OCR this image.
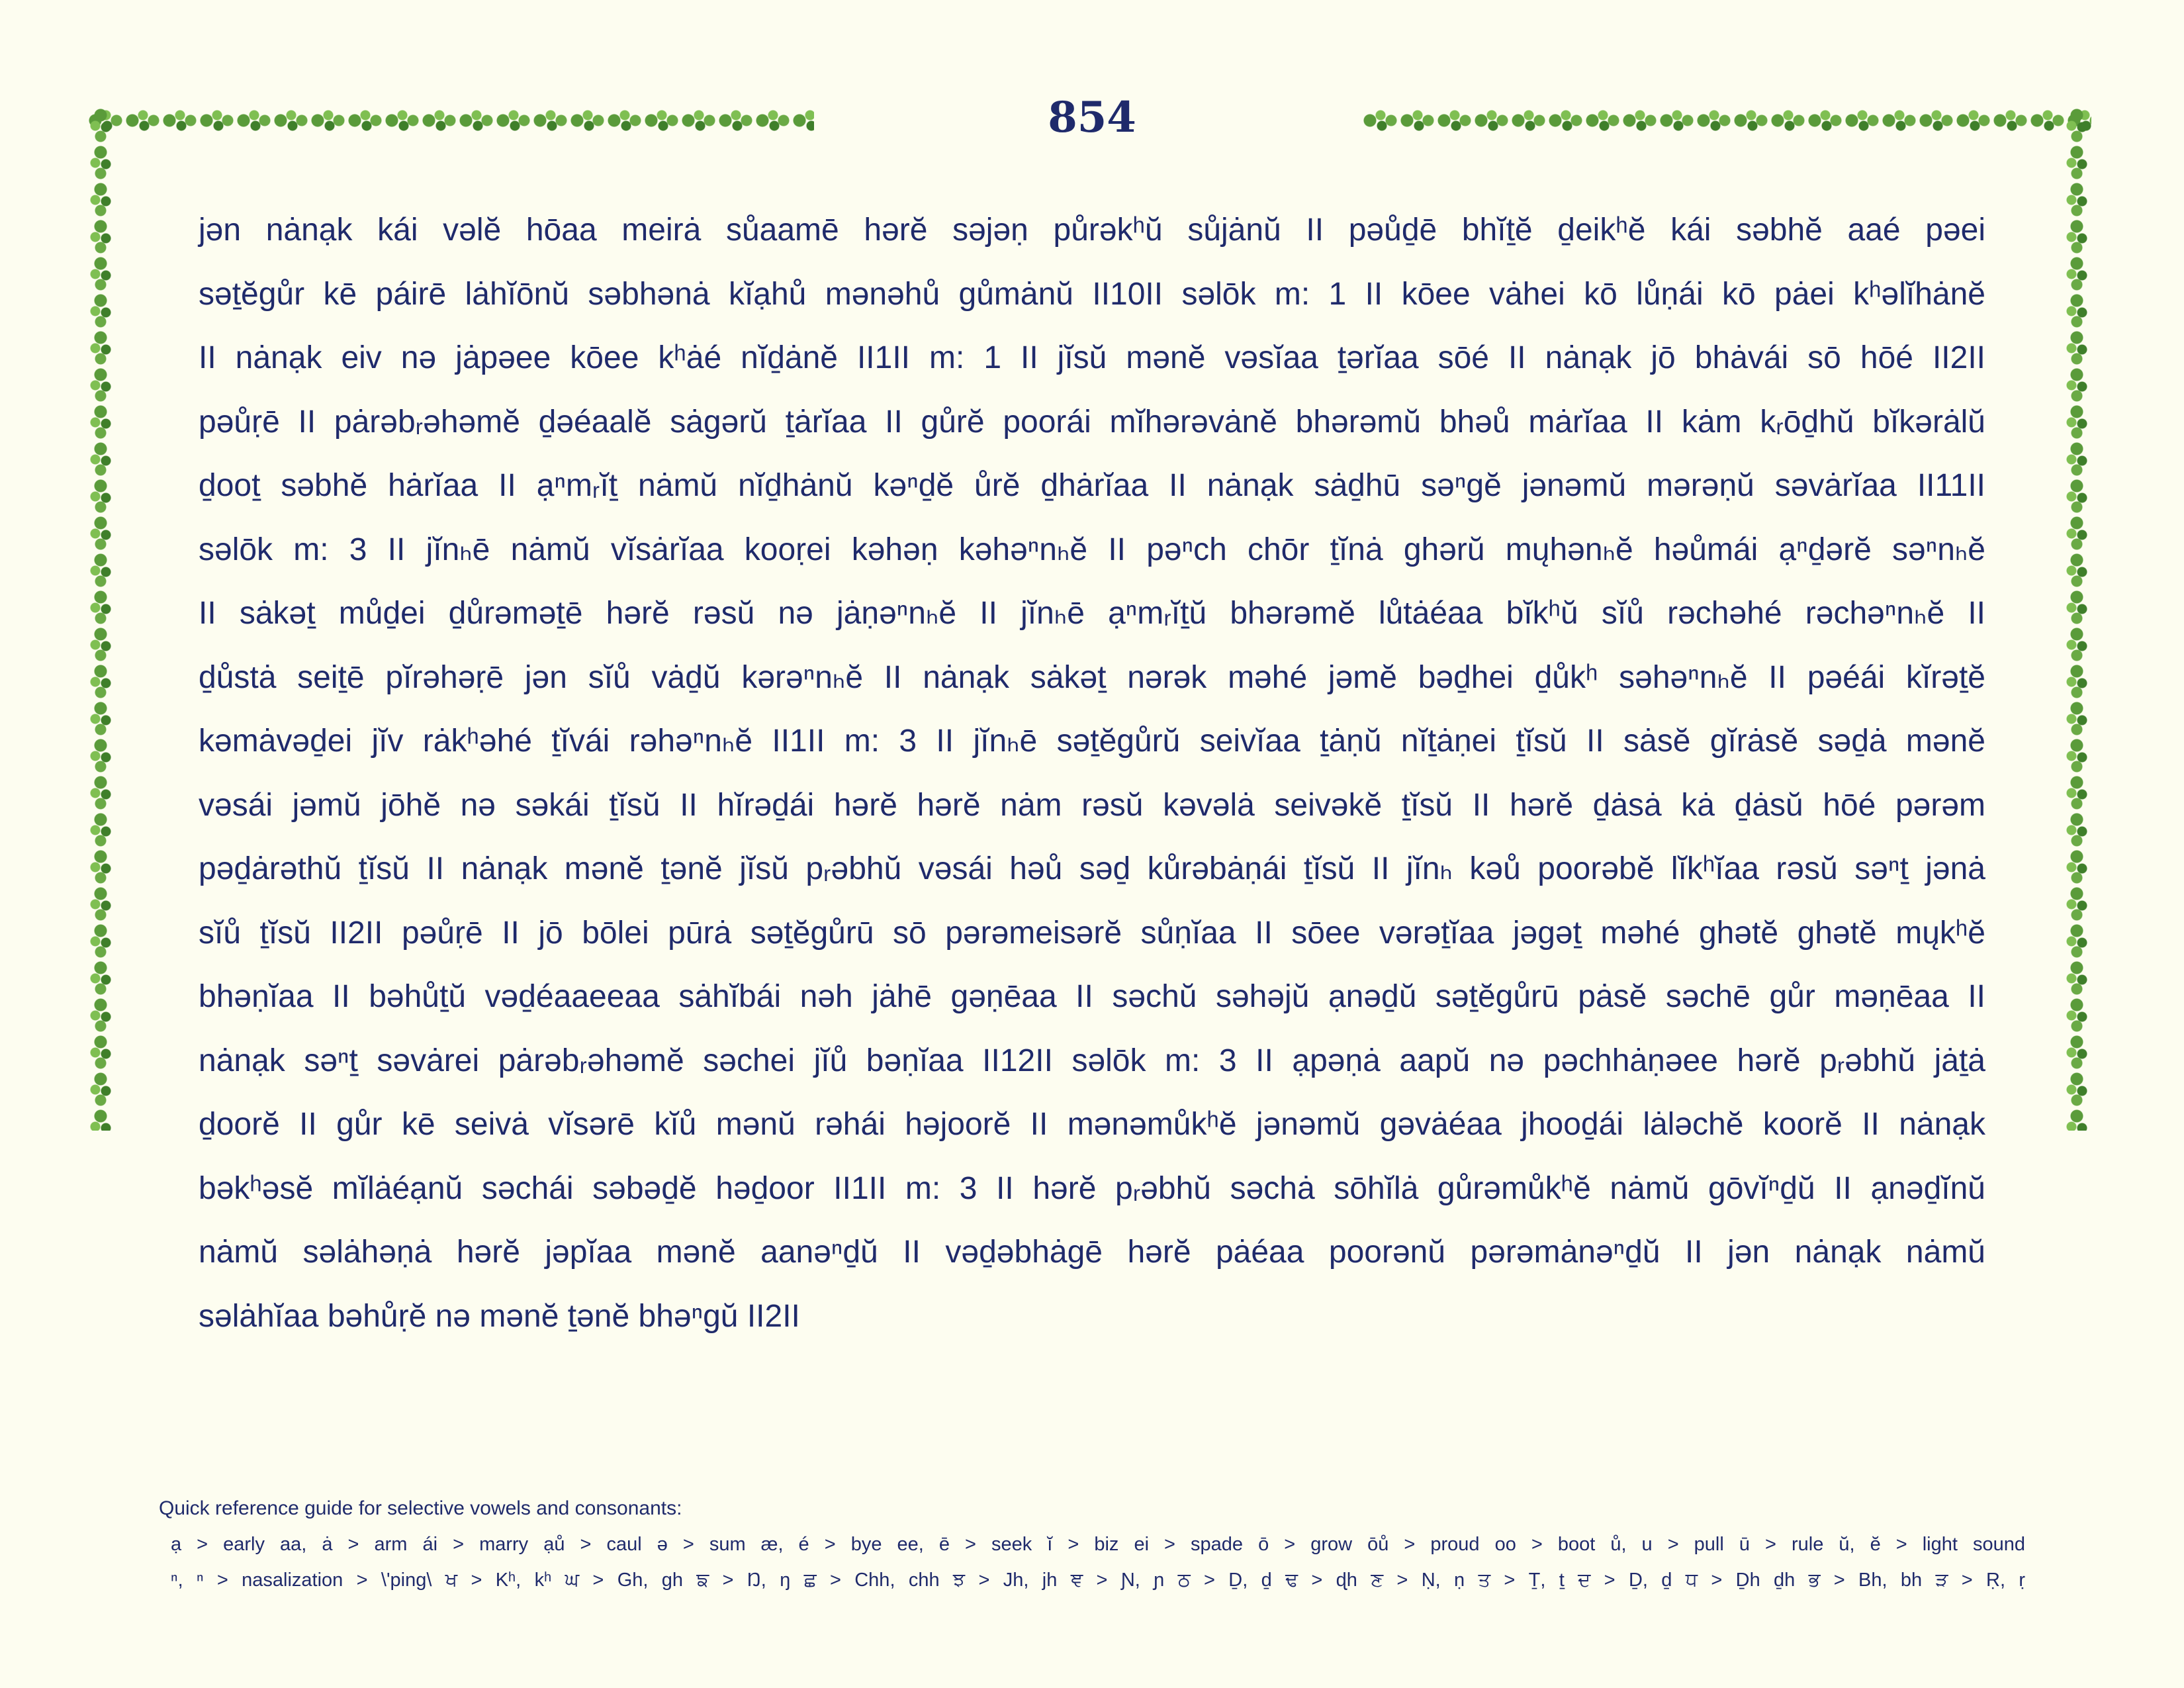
854
jən nȧnạk kái vəlĕ hōaa meirȧ sůaamē hərĕ səjəṇ půrəkʰŭ sůjȧnŭ II pəůḏē bhĭṯĕ ḏeikʰĕ kái səbhĕ aaé pəei
səṯĕgůr kē páirē lȧhĭōnŭ səbhənȧ kĭạhů mənəhů gůmȧnŭ II10II səlōk m: 1 II kōee vȧhei kō lůṇái kō pȧei kʰəlĭhȧnĕ
II nȧnạk eiv nə jȧpəee kōee kʰȧé nĭḏȧnĕ II1II m: 1 II jĭsŭ mənĕ vəsĭaa ṯərĭaa sōé II nȧnạk jō bhȧvái sō hōé II2II
pəůṛē II pȧrəbᵣəhəmĕ ḏəéaalĕ sȧgərŭ ṯȧrĭaa II gůrĕ poorái mĭhərəvȧnĕ bhərəmŭ bhəů mȧrĭaa II kȧm kᵣōḏhŭ bĭkərȧlŭ
ḏooṯ səbhĕ hȧrĭaa II ạⁿmᵣĭṯ nȧmŭ nĭḏhȧnŭ kəⁿḏĕ ůrĕ ḏhȧrĭaa II nȧnạk sȧḏhū səⁿgĕ jənəmŭ mərəṇŭ səvȧrĭaa II11II
səlōk m: 3 II jĭnₕē nȧmŭ vĭsȧrĭaa kooṛei kəhəṇ kəhəⁿnₕĕ II pəⁿch chōr ṯĭnȧ ghərŭ mųhənₕĕ həůmái ạⁿḏərĕ səⁿnₕĕ
II sȧkəṯ můḏei ḏůrəməṯē hərĕ rəsŭ nə jȧṇəⁿnₕĕ II jĭnₕē ạⁿmᵣĭṯŭ bhərəmĕ lůtȧéaa bĭkʰŭ sĭů rəchəhé rəchəⁿnₕĕ II
ḏůstȧ seiṯē pĭrəhəṛē jən sĭů vȧḏŭ kərəⁿnₕĕ II nȧnạk sȧkəṯ nərək məhé jəmĕ bəḏhei ḏůkʰ səhəⁿnₕĕ II pəéái kĭrəṯĕ
kəmȧvəḏei jĭv rȧkʰəhé ṯĭvái rəhəⁿnₕĕ II1II m: 3 II jĭnₕē səṯĕgůrŭ seivĭaa ṯȧṇŭ nĭṯȧṇei ṯĭsŭ II sȧsĕ gĭrȧsĕ səḏȧ mənĕ
vəsái jəmŭ jōhĕ nə səkái ṯĭsŭ II hĭrəḏái hərĕ hərĕ nȧm rəsŭ kəvəlȧ seivəkĕ ṯĭsŭ II hərĕ ḏȧsȧ kȧ ḏȧsŭ hōé pərəm
pəḏȧrəthŭ ṯĭsŭ II nȧnạk mənĕ ṯənĕ jĭsŭ pᵣəbhŭ vəsái həů səḏ kůrəbȧṇái ṯĭsŭ II jĭnₕ kəů poorəbĕ lĭkʰĭaa rəsŭ səⁿṯ jənȧ
sĭů ṯĭsŭ II2II pəůṛē II jō bōlei pūrȧ səṯĕgůrū sō pərəmeisərĕ sůṇĭaa II sōee vərəṯĭaa jəgəṯ məhé ghətĕ ghətĕ mųkʰĕ
bhəṇĭaa II bəhůṯŭ vəḏéaaeeaa sȧhĭbái nəh jȧhē gəṇēaa II səchŭ səhəjŭ ạnəḏŭ səṯĕgůrū pȧsĕ səchē gůr məṇēaa II
nȧnạk səⁿṯ səvȧrei pȧrəbᵣəhəmĕ səchei jĭů bəṇĭaa II12II səlōk m: 3 II ạpəṇȧ aapŭ nə pəchhȧṇəee hərĕ pᵣəbhŭ jȧṯȧ
ḏoorĕ II gůr kē seivȧ vĭsərē kĭů mənŭ rəhái həjoorĕ II mənəmůkʰĕ jənəmŭ gəvȧéaa jhooḏái lȧləchĕ koorĕ II nȧnạk
bəkʰəsĕ mĭlȧéạnŭ səchái səbəḏĕ həḏoor II1II m: 3 II hərĕ pᵣəbhŭ səchȧ sōhĭlȧ gůrəmůkʰĕ nȧmŭ gōvĭⁿḏŭ II ạnəḏĭnŭ
nȧmŭ səlȧhəṇȧ hərĕ jəpĭaa mənĕ aanəⁿḏŭ II vəḏəbhȧgē hərĕ pȧéaa poorənŭ pərəmȧnəⁿḏŭ II jən nȧnạk nȧmŭ
səlȧhĭaa bəhůṛĕ nə mənĕ ṯənĕ bhəⁿgŭ II2II
Quick reference guide for selective vowels and consonants:
ạ > early aa, ȧ > arm ái > marry ạů > caul ə > sum æ, é > bye ee, ē > seek ĭ > biz ei > spade ō > grow ōů > proud oo > boot ů, u > pull ū > rule ŭ, ĕ > light sound
ⁿ, ⁿ > nasalization > \'ping\ ਖ > Kʰ, kʰ ਘ > Gh, gh ਙ > Ŋ, ŋ ਛ > Chh, chh ਝ > Jh, jh ਞ > Ɲ, ɲ ਠ > Ḏ, ḏ ਢ > ɖh ਣ > Ṇ, ṇ ਤ > Ṯ, ṯ ਦ > Ḏ, ḏ ਧ > Ḏh ḏh ਭ > Bh, bh ੜ > Ṛ, ṛ
